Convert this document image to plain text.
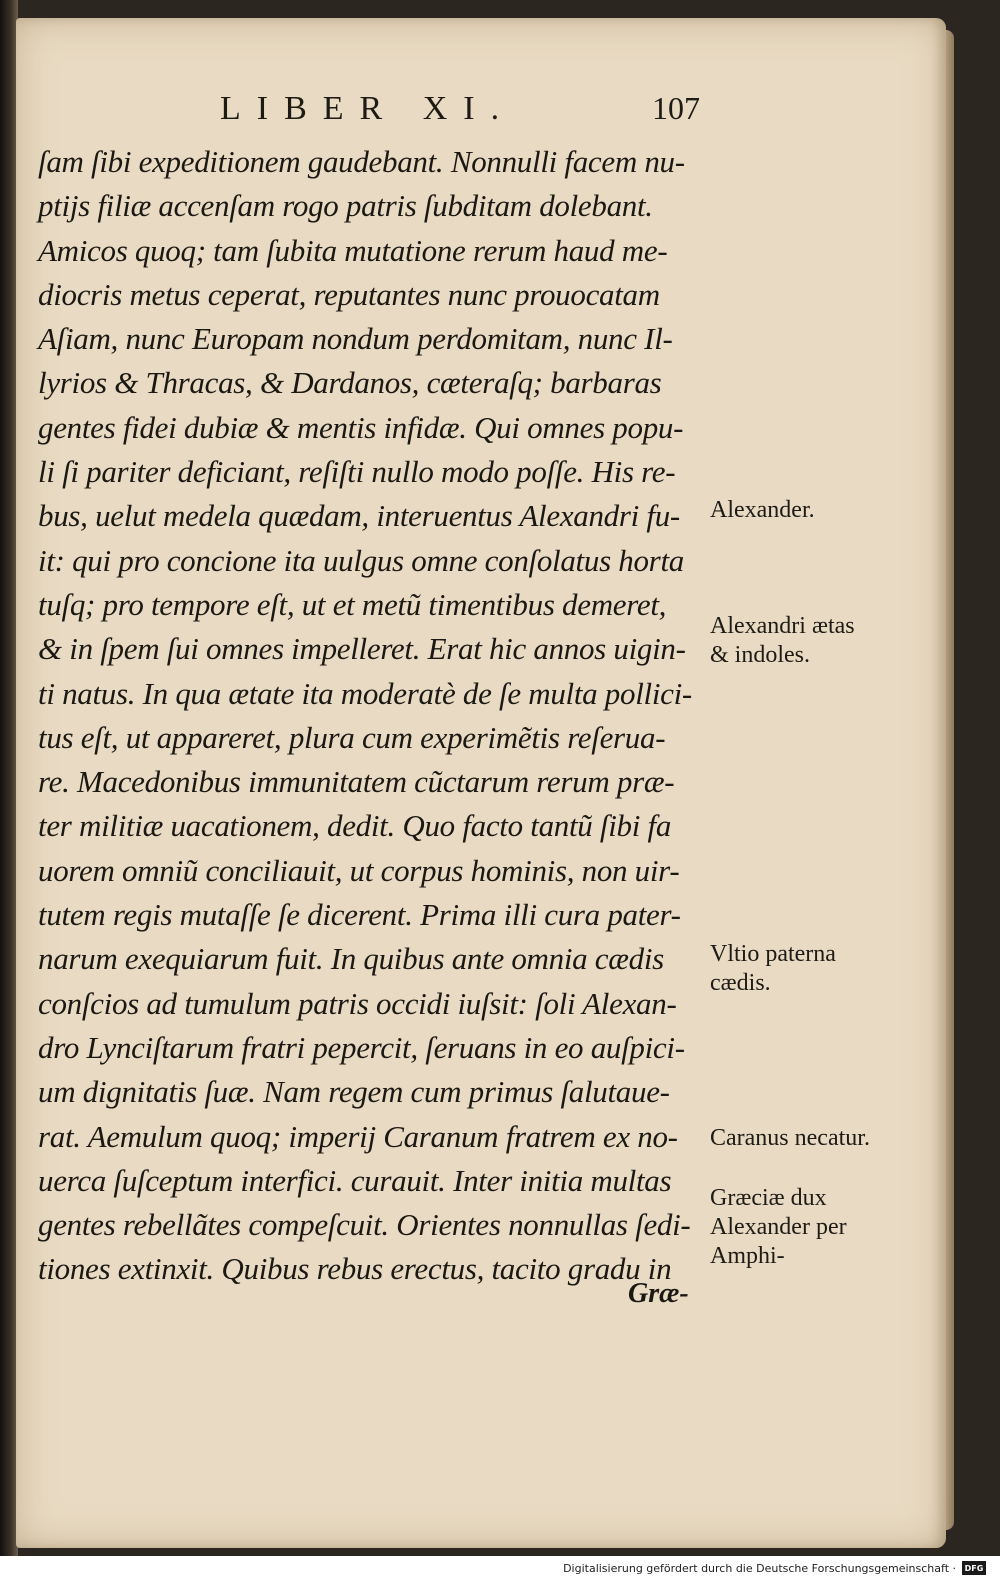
LIBER XI.	107
ſam ſibi expeditionem gaudebant. Nonnulli facem nu-
ptijs filiæ accenſam rogo patris ſubditam dolebant.
Amicos quoq; tam ſubita mutatione rerum haud me-
diocris metus ceperat, reputantes nunc prouocatam
Aſiam, nunc Europam nondum perdomitam, nunc Il-
lyrios & Thracas, & Dardanos, cæteraſq; barbaras
gentes fidei dubiæ & mentis infidæ. Qui omnes popu-
li ſi pariter deficiant, reſiſti nullo modo poſſe. His re-
bus, uelut medela quædam, interuentus Alexandri fu-
it: qui pro concione ita uulgus omne conſolatus horta
tuſq; pro tempore eſt, ut et metũ timentibus demeret,
& in ſpem ſui omnes impelleret. Erat hic annos uigin-
ti natus. In qua ætate ita moderatè de ſe multa pollici-
tus eſt, ut appareret, plura cum experimẽtis reſerua-
re. Macedonibus immunitatem cũctarum rerum præ-
ter militiæ uacationem, dedit. Quo facto tantũ ſibi fa
uorem omniũ conciliauit, ut corpus hominis, non uir-
tutem regis mutaſſe ſe dicerent. Prima illi cura pater-
narum exequiarum fuit. In quibus ante omnia cædis
conſcios ad tumulum patris occidi iuſsit: ſoli Alexan-
dro Lynciſtarum fratri pepercit, ſeruans in eo auſpici-
um dignitatis ſuæ. Nam regem cum primus ſalutaue-
rat. Aemulum quoq; imperij Caranum fratrem ex no-
uerca ſuſceptum interfici. curauit. Inter initia multas
gentes rebellãtes compeſcuit. Orientes nonnullas ſedi-
tiones extinxit. Quibus rebus erectus, tacito gradu in
Græ-
Alexander.
Alexandri ætas & indoles.
Vltio paterna cædis.
Caranus necatur.
Græciæ dux Alexander per Amphi-
Digitalisierung gefördert durch die Deutsche Forschungsgemeinschaft ·	DFG
